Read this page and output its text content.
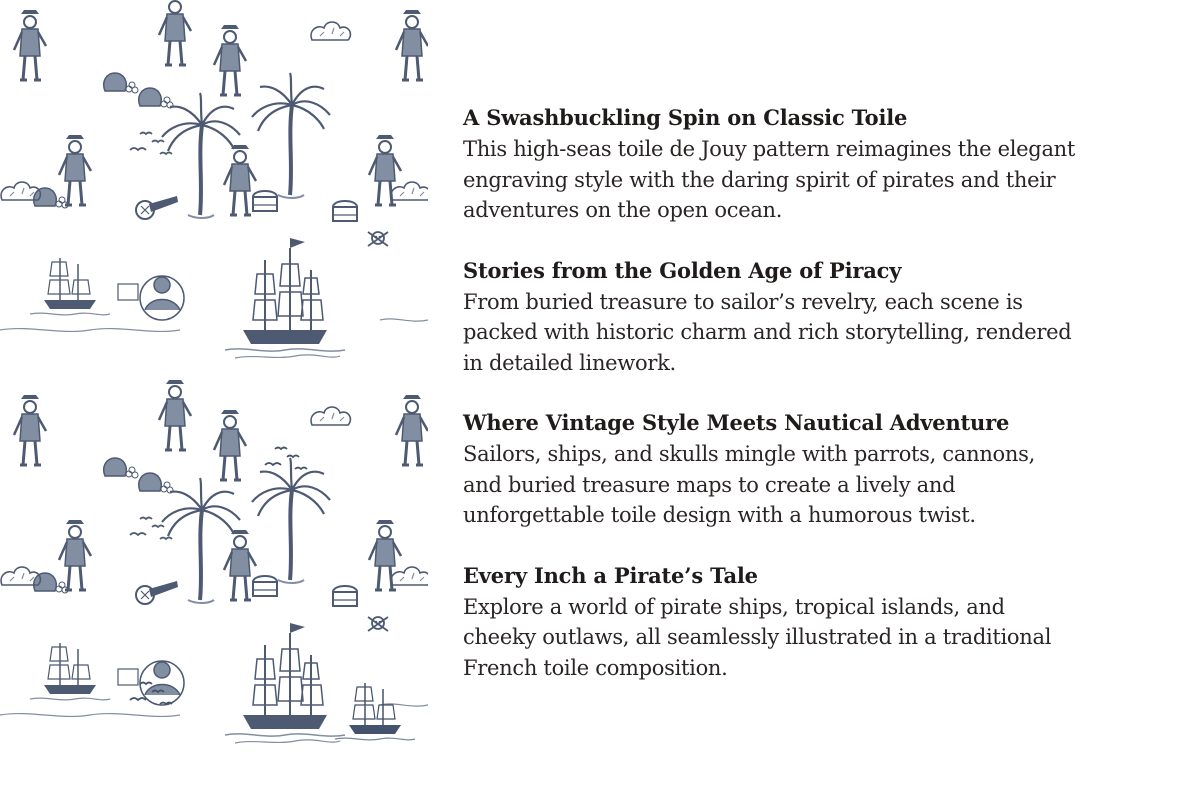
A Swashbuckling Spin on Classic Toile

This high-seas toile de Jouy pattern reimagines the elegant
engraving style with the daring spirit of pirates and their
adventures on the open ocean.

Stories from the Golden Age of Piracy

From buried treasure to sailor’s revelry, each scene is
packed with historic charm and rich storytelling, rendered
in detailed linework.

Where Vintage Style Meets Nautical Adventure

Sailors, ships, and skulls mingle with parrots, cannons,
and buried treasure maps to create a lively and
unforgettable toile design with a humorous twist.

Every Inch a Pirate’s Tale

Explore a world of pirate ships, tropical islands, and
cheeky outlaws, all seamlessly illustrated in a traditional
French toile composition.
